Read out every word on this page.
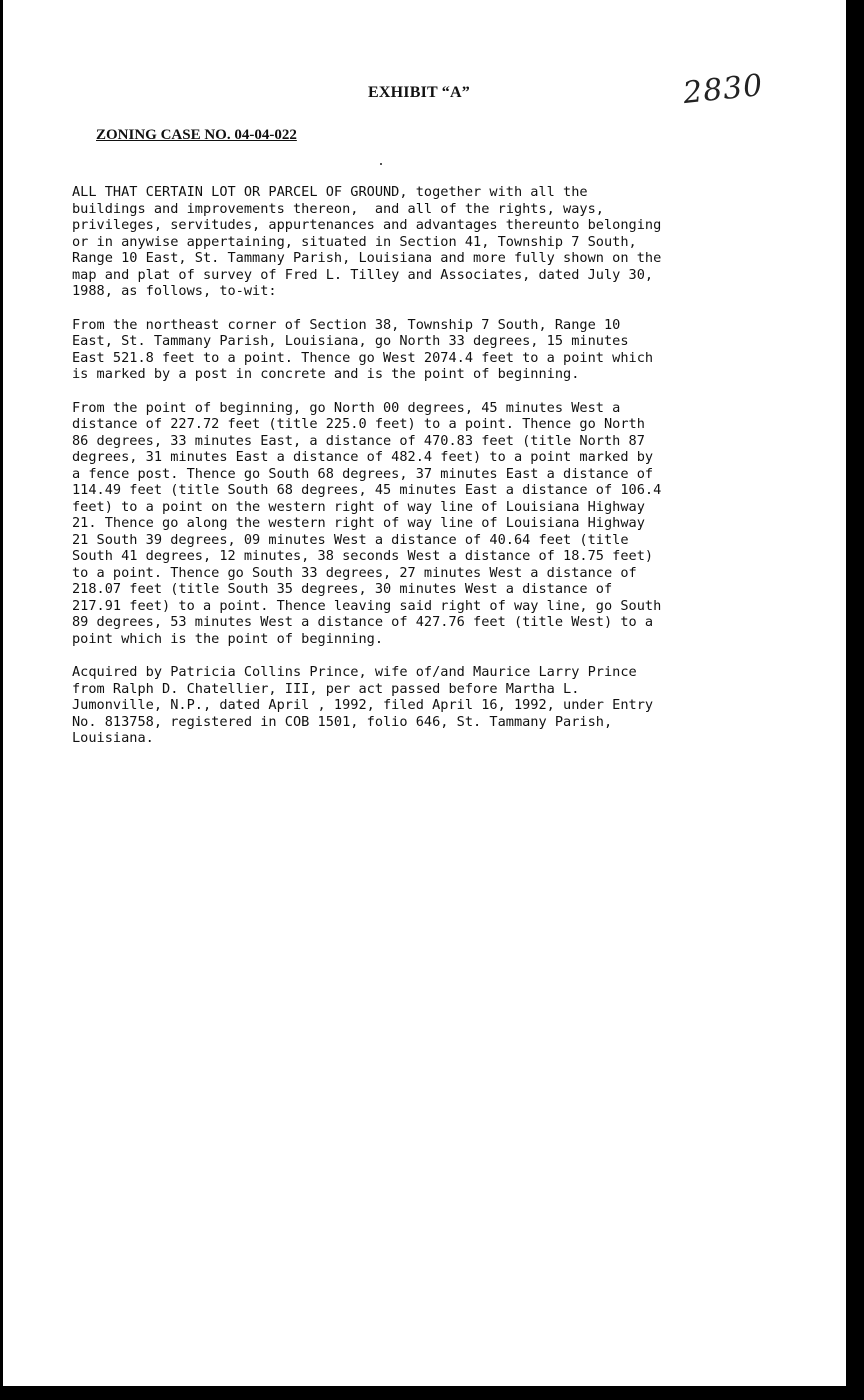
EXHIBIT “A”	2830
ZONING CASE NO. 04-04-022

ALL THAT CERTAIN LOT OR PARCEL OF GROUND, together with all the
buildings and improvements thereon,  and all of the rights, ways,
privileges, servitudes, appurtenances and advantages thereunto belonging
or in anywise appertaining, situated in Section 41, Township 7 South,
Range 10 East, St. Tammany Parish, Louisiana and more fully shown on the
map and plat of survey of Fred L. Tilley and Associates, dated July 30,
1988, as follows, to-wit:

From the northeast corner of Section 38, Township 7 South, Range 10
East, St. Tammany Parish, Louisiana, go North 33 degrees, 15 minutes
East 521.8 feet to a point. Thence go West 2074.4 feet to a point which
is marked by a post in concrete and is the point of beginning.

From the point of beginning, go North 00 degrees, 45 minutes West a
distance of 227.72 feet (title 225.0 feet) to a point. Thence go North
86 degrees, 33 minutes East, a distance of 470.83 feet (title North 87
degrees, 31 minutes East a distance of 482.4 feet) to a point marked by
a fence post. Thence go South 68 degrees, 37 minutes East a distance of
114.49 feet (title South 68 degrees, 45 minutes East a distance of 106.4
feet) to a point on the western right of way line of Louisiana Highway
21. Thence go along the western right of way line of Louisiana Highway
21 South 39 degrees, 09 minutes West a distance of 40.64 feet (title
South 41 degrees, 12 minutes, 38 seconds West a distance of 18.75 feet)
to a point. Thence go South 33 degrees, 27 minutes West a distance of
218.07 feet (title South 35 degrees, 30 minutes West a distance of
217.91 feet) to a point. Thence leaving said right of way line, go South
89 degrees, 53 minutes West a distance of 427.76 feet (title West) to a
point which is the point of beginning.

Acquired by Patricia Collins Prince, wife of/and Maurice Larry Prince
from Ralph D. Chatellier, III, per act passed before Martha L.
Jumonville, N.P., dated April , 1992, filed April 16, 1992, under Entry
No. 813758, registered in COB 1501, folio 646, St. Tammany Parish,
Louisiana.
